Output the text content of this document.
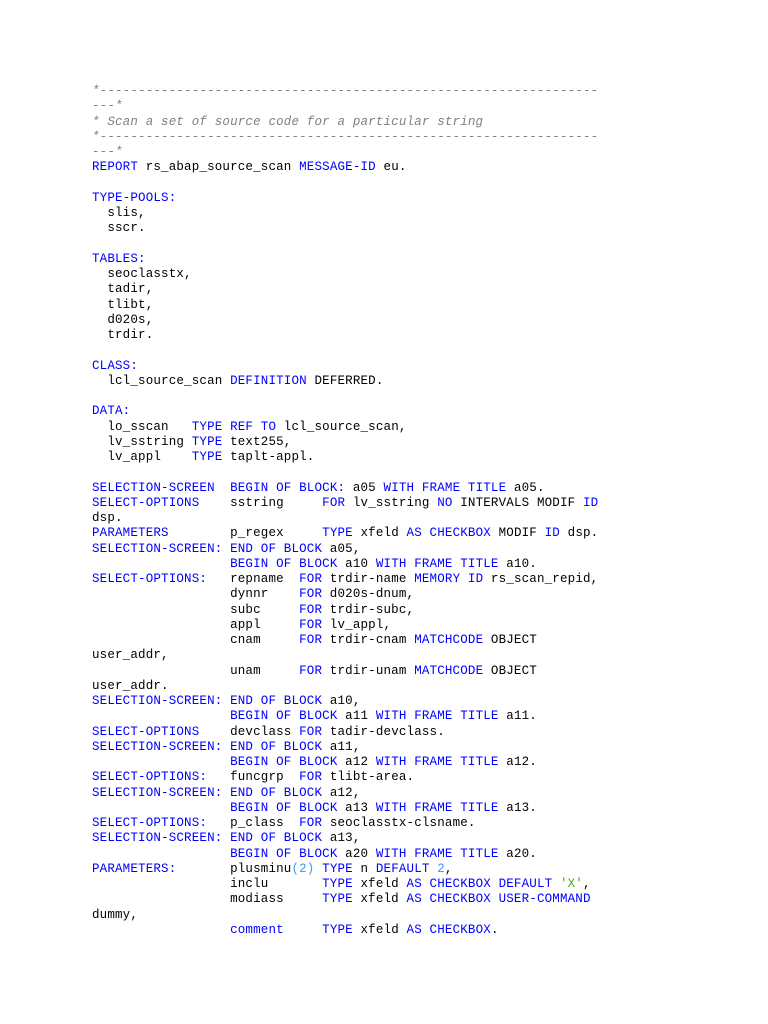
*-----------------------------------------------------------------
---*
* Scan a set of source code for a particular string
*-----------------------------------------------------------------
---*
REPORT rs_abap_source_scan MESSAGE-ID eu.
TYPE-POOLS:
slis,
sscr.
TABLES:
seoclasstx,
tadir,
tlibt,
d020s,
trdir.
CLASS:
lcl_source_scan DEFINITION DEFERRED.
DATA:
lo_sscan   TYPE REF TO lcl_source_scan,
lv_sstring TYPE text255,
lv_appl    TYPE taplt-appl.
SELECTION-SCREEN BEGIN OF BLOCK: a05 WITH FRAME TITLE a05.
SELECT-OPTIONS    sstring     FOR lv_sstring NO INTERVALS MODIF ID
dsp.
PARAMETERS        p_regex     TYPE xfeld AS CHECKBOX MODIF ID dsp.
SELECTION-SCREEN: END OF BLOCK a05,
BEGIN OF BLOCK a10 WITH FRAME TITLE a10.
SELECT-OPTIONS:   repname  FOR trdir-name MEMORY ID rs_scan_repid,
dynnr    FOR d020s-dnum,
subc     FOR trdir-subc,
appl     FOR lv_appl,
cnam     FOR trdir-cnam MATCHCODE OBJECT
user_addr,
unam     FOR trdir-unam MATCHCODE OBJECT
user_addr.
SELECTION-SCREEN: END OF BLOCK a10,
BEGIN OF BLOCK a11 WITH FRAME TITLE a11.
SELECT-OPTIONS    devclass FOR tadir-devclass.
SELECTION-SCREEN: END OF BLOCK a11,
BEGIN OF BLOCK a12 WITH FRAME TITLE a12.
SELECT-OPTIONS:   funcgrp  FOR tlibt-area.
SELECTION-SCREEN: END OF BLOCK a12,
BEGIN OF BLOCK a13 WITH FRAME TITLE a13.
SELECT-OPTIONS:   p_class  FOR seoclasstx-clsname.
SELECTION-SCREEN: END OF BLOCK a13,
BEGIN OF BLOCK a20 WITH FRAME TITLE a20.
PARAMETERS:       plusminu(2) TYPE n DEFAULT 2,
inclu       TYPE xfeld AS CHECKBOX DEFAULT 'X',
modiass     TYPE xfeld AS CHECKBOX USER-COMMAND
dummy,
comment	TYPE xfeld AS CHECKBOX.
